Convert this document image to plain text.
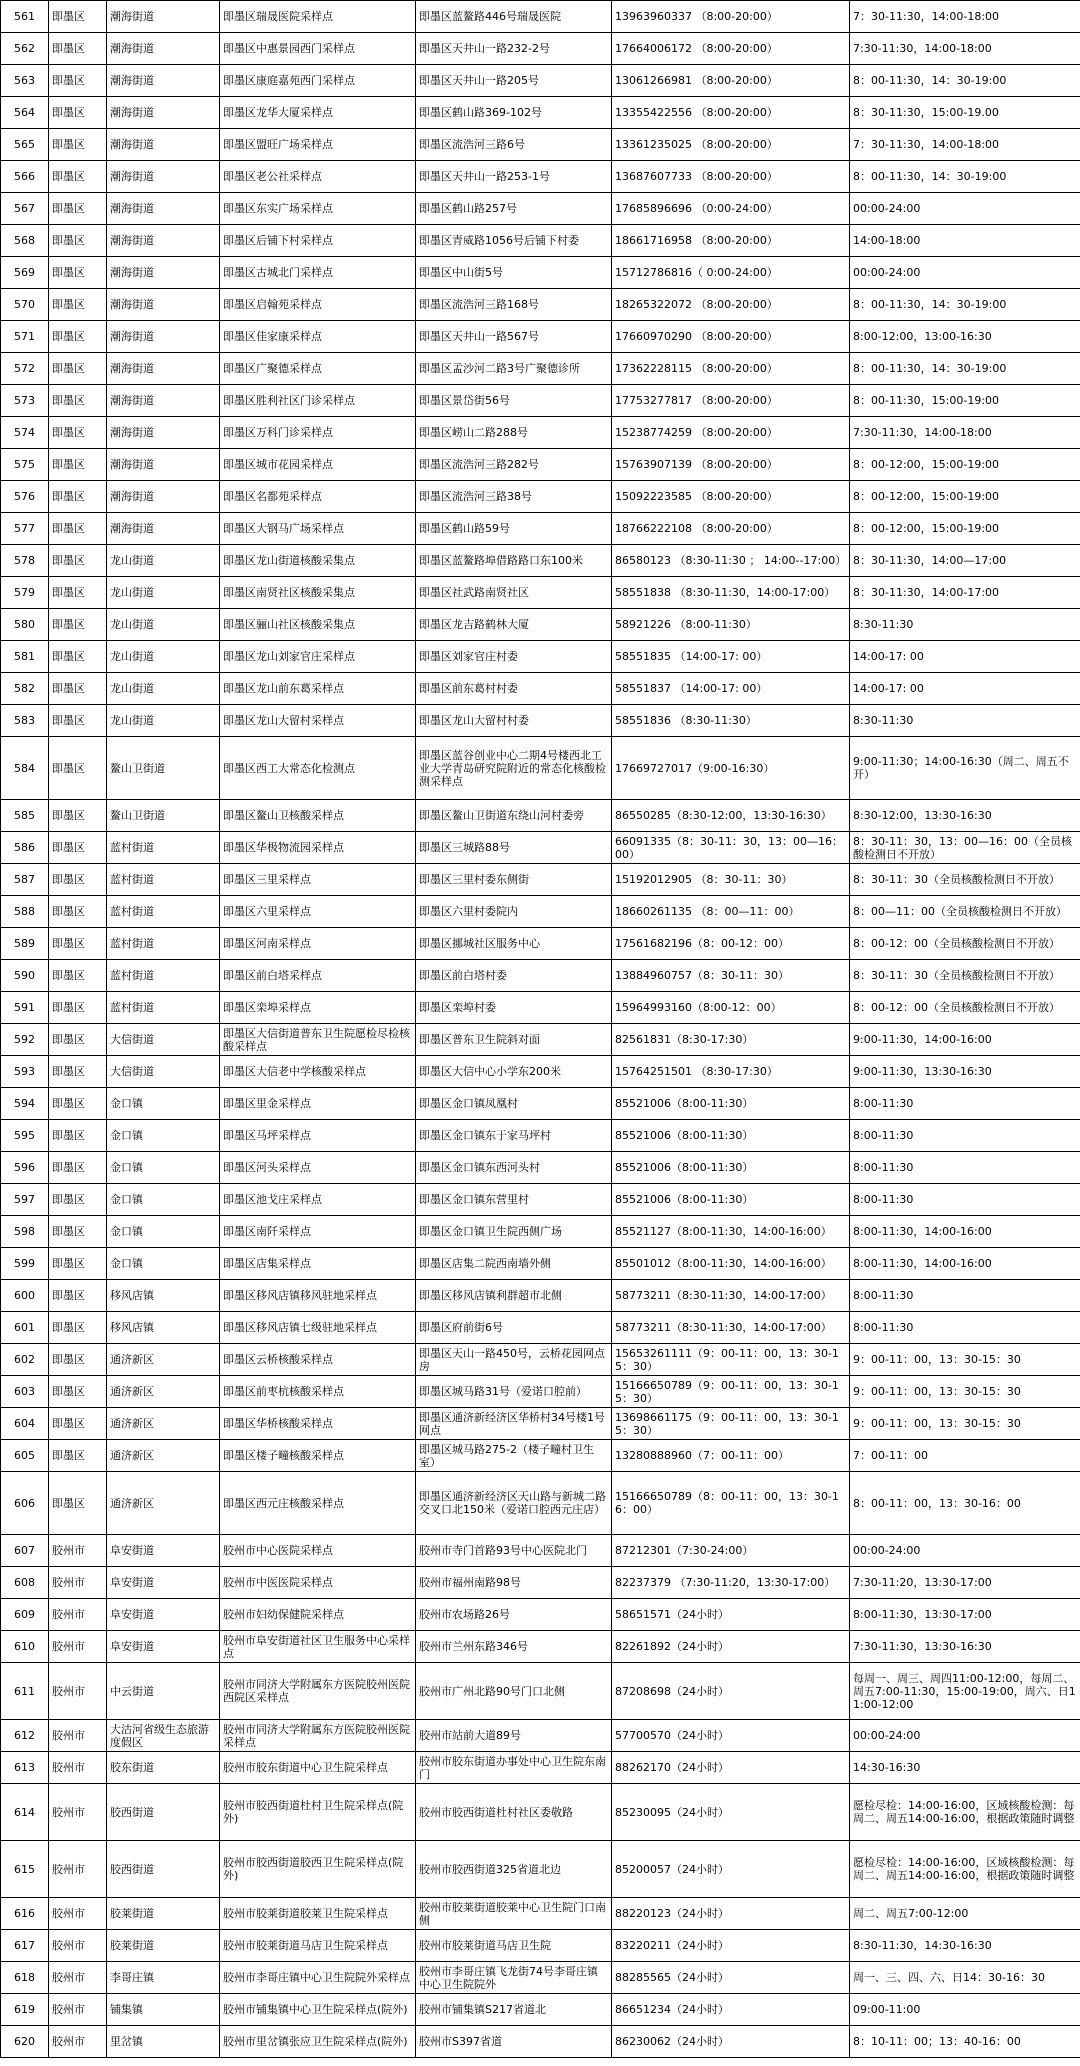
561	即墨区	潮海街道	即墨区瑞晟医院采样点	即墨区蓝鳌路446号瑞晟医院	13963960337 （8:00-20:00）	7：30-11:30，14:00-18:00
562	即墨区	潮海街道	即墨区中惠景园西门采样点	即墨区天井山一路232-2号	17664006172 （8:00-20:00）	7:30-11:30，14:00-18:00
563	即墨区	潮海街道	即墨区康庭嘉苑西门采样点	即墨区天井山一路205号	13061266981 （8:00-20:00）	8：00-11:30，14：30-19:00
564	即墨区	潮海街道	即墨区龙华大厦采样点	即墨区鹤山路369-102号	13355422556 （8:00-20:00）	8：30-11:30，15:00-19.00
565	即墨区	潮海街道	即墨区盟旺广场采样点	即墨区流浩河三路6号	13361235025 （8:00-20:00）	7：30-11:30，14:00-18:00
566	即墨区	潮海街道	即墨区老公社采样点	即墨区天井山一路253-1号	13687607733 （8:00-20:00）	8：00-11:30，14：30-19:00
567	即墨区	潮海街道	即墨区东实广场采样点	即墨区鹤山路257号	17685896696 （0:00-24:00）	00:00-24:00
568	即墨区	潮海街道	即墨区后铺下村采样点	即墨区青威路1056号后铺下村委	18661716958 （8:00-20:00）	14:00-18:00
569	即墨区	潮海街道	即墨区古城北门采样点	即墨区中山街5号	15712786816（ 0:00-24:00）	00:00-24:00
570	即墨区	潮海街道	即墨区启翰苑采样点	即墨区流浩河三路168号	18265322072 （8:00-20:00）	8：00-11:30，14：30-19:00
571	即墨区	潮海街道	即墨区佳家康采样点	即墨区天井山一路567号	17660970290 （8:00-20:00）	8:00-12:00，13:00-16:30
572	即墨区	潮海街道	即墨区广聚德采样点	即墨区孟沙河二路3号广聚德诊所	17362228115 （8:00-20:00）	8：00-11:30，14：30-19:00
573	即墨区	潮海街道	即墨区胜利社区门诊采样点	即墨区景岱街56号	17753277817 （8:00-20:00）	8：00-11:30，15:00-19:00
574	即墨区	潮海街道	即墨区万科门诊采样点	即墨区崂山二路288号	15238774259 （8:00-20:00）	7:30-11:30，14:00-18:00
575	即墨区	潮海街道	即墨区城市花园采样点	即墨区流浩河三路282号	15763907139 （8:00-20:00）	8：00-12:00，15:00-19:00
576	即墨区	潮海街道	即墨区名都苑采样点	即墨区流浩河三路38号	15092223585 （8:00-20:00）	8：00-12:00，15:00-19:00
577	即墨区	潮海街道	即墨区大钢马广场采样点	即墨区鹤山路59号	18766222108 （8:00-20:00）	8：00-12:00，15:00-19:00
578	即墨区	龙山街道	即墨区龙山街道核酸采集点	即墨区蓝鳌路埠借路路口东100米	86580123 （8:30-11:30 ； 14:00--17:00）	8：30-11:30，14:00—17:00
579	即墨区	龙山街道	即墨区南贤社区核酸采集点	即墨区社武路南贤社区	58551838 （8:30-11:30，14:00-17:00）	8：30-11:30，14:00-17:00
580	即墨区	龙山街道	即墨区骊山社区核酸采集点	即墨区龙吉路鹤林大厦	58921226 （8:00-11:30）	8:30-11:30
581	即墨区	龙山街道	即墨区龙山刘家官庄采样点	即墨区刘家官庄村委	58551835 （14:00-17: 00）	14:00-17: 00
582	即墨区	龙山街道	即墨区龙山前东葛采样点	即墨区前东葛村村委	58551837 （14:00-17: 00）	14:00-17: 00
583	即墨区	龙山街道	即墨区龙山大留村采样点	即墨区龙山大留村村委	58551836 （8:30-11:30）	8:30-11:30
584	即墨区	鳌山卫街道	即墨区西工大常态化检测点	即墨区蓝谷创业中心二期4号楼西北工业大学青岛研究院附近的常态化核酸检测采样点	17669727017（9:00-16:30）	9:00-11:30；14:00-16:30（周二、周五不开）
585	即墨区	鳌山卫街道	即墨区鳌山卫核酸采样点	即墨区鳌山卫街道东绕山河村委旁	86550285（8:30-12:00，13:30-16:30）	8:30-12:00，13:30-16:30
586	即墨区	蓝村街道	即墨区华极物流园采样点	即墨区三城路88号	66091335（8：30-11：30，13：00—16：00）	8：30-11：30，13：00—16：00（全员核酸检测日不开放）
587	即墨区	蓝村街道	即墨区三里采样点	即墨区三里村委东侧街	15192012905 （8：30-11：30）	8：30-11：30（全员核酸检测日不开放）
588	即墨区	蓝村街道	即墨区六里采样点	即墨区六里村委院内	18660261135 （8：00—11：00）	8：00—11：00（全员核酸检测日不开放）
589	即墨区	蓝村街道	即墨区河南采样点	即墨区挪城社区服务中心	17561682196（8：00-12：00）	8：00-12：00（全员核酸检测日不开放）
590	即墨区	蓝村街道	即墨区前白塔采样点	即墨区前白塔村委	13884960757（8：30-11：30）	8：30-11：30（全员核酸检测日不开放）
591	即墨区	蓝村街道	即墨区栾埠采样点	即墨区栾埠村委	15964993160（8:00-12：00）	8：00-12：00（全员核酸检测日不开放）
592	即墨区	大信街道	即墨区大信街道普东卫生院愿检尽检核酸采样点	即墨区普东卫生院斜对面	82561831（8:30-17:30）	9:00-11:30，14:00-16:00
593	即墨区	大信街道	即墨区大信老中学核酸采样点	即墨区大信中心小学东200米	15764251501 （8:30-17:30）	9:00-11:30，13:30-16:30
594	即墨区	金口镇	即墨区里金采样点	即墨区金口镇凤凰村	85521006（8:00-11:30）	8:00-11:30
595	即墨区	金口镇	即墨区马坪采样点	即墨区金口镇东于家马坪村	85521006（8:00-11:30）	8:00-11:30
596	即墨区	金口镇	即墨区河头采样点	即墨区金口镇东西河头村	85521006（8:00-11:30）	8:00-11:30
597	即墨区	金口镇	即墨区池戈庄采样点	即墨区金口镇东营里村	85521006（8:00-11:30）	8:00-11:30
598	即墨区	金口镇	即墨区南阡采样点	即墨区金口镇卫生院西侧广场	85521127（8:00-11:30，14:00-16:00）	8:00-11:30，14:00-16:00
599	即墨区	金口镇	即墨区店集采样点	即墨区店集二院西南墙外侧	85501012（8:00-11:30，14:00-16:00）	8:00-11:30，14:00-16:00
600	即墨区	移风店镇	即墨区移风店镇移风驻地采样点	即墨区移风店镇利群超市北侧	58773211（8:30-11:30，14:00-17:00）	8:00-11:30
601	即墨区	移风店镇	即墨区移风店镇七级驻地采样点	即墨区府前街6号	58773211（8:30-11:30，14:00-17:00）	8:00-11:30
602	即墨区	通济新区	即墨区云桥核酸采样点	即墨区天山一路450号，云桥花园网点房	15653261111（9：00-11：00，13：30-15：30）	9：00-11：00，13：30-15：30
603	即墨区	通济新区	即墨区前枣杭核酸采样点	即墨区城马路31号（爱诺口腔前）	15166650789（9：00-11：00，13：30-15：30）	9：00-11：00，13：30-15：30
604	即墨区	通济新区	即墨区华桥核酸采样点	即墨区通济新经济区华桥村34号楼1号网点	13698661175（9：00-11：00，13：30-15：30）	9：00-11：00，13：30-15：30
605	即墨区	通济新区	即墨区楼子疃核酸采样点	即墨区城马路275-2（楼子疃村卫生室）	13280888960（7：00-11：00）	7：00-11：00
606	即墨区	通济新区	即墨区西元庄核酸采样点	即墨区通济新经济区天山路与新城二路交叉口北150米（爱诺口腔西元庄店）	15166650789（8：00-11：00，13：30-16：00）	8：00-11：00，13：30-16：00
607	胶州市	阜安街道	胶州市中心医院采样点	胶州市寺门首路93号中心医院北门	87212301（7:30-24:00）	00:00-24:00
608	胶州市	阜安街道	胶州市中医医院采样点	胶州市福州南路98号	82237379 （7:30-11:20，13:30-17:00）	7:30-11:20，13:30-17:00
609	胶州市	阜安街道	胶州市妇幼保健院采样点	胶州市农场路26号	58651571（24小时）	8:00-11:30，13:30-17:00
610	胶州市	阜安街道	胶州市阜安街道社区卫生服务中心采样点	胶州市兰州东路346号	82261892（24小时）	7:30-11:30，13:30-16:30
611	胶州市	中云街道	胶州市同济大学附属东方医院胶州医院西院区采样点	胶州市广州北路90号门口北侧	87208698（24小时）	每周一、周三、周四11:00-12:00，每周二、周五7:00-11:30，15:00-19:00，周六、日11:00-12:00
612	胶州市	大沽河省级生态旅游度假区	胶州市同济大学附属东方医院胶州医院采样点	胶州市站前大道89号	57700570（24小时）	00:00-24:00
613	胶州市	胶东街道	胶州市胶东街道中心卫生院采样点	胶州市胶东街道办事处中心卫生院东南门	88262170（24小时）	14:30-16:30
614	胶州市	胶西街道	胶州市胶西街道杜村卫生院采样点(院外)	胶州市胶西街道杜村社区委敬路	85230095（24小时）	愿检尽检：14:00-16:00，区域核酸检测：每周二、周五14:00-16:00，根据政策随时调整
615	胶州市	胶西街道	胶州市胶西街道胶西卫生院采样点(院外)	胶州市胶西街道325省道北边	85200057（24小时）	愿检尽检：14:00-16:00，区域核酸检测：每周二、周五14:00-16:00，根据政策随时调整
616	胶州市	胶莱街道	胶州市胶莱街道胶莱卫生院采样点	胶州市胶莱街道胶莱中心卫生院门口南侧	88220123（24小时）	周二、周五7:00-12:00
617	胶州市	胶莱街道	胶州市胶莱街道马店卫生院采样点	胶州市胶莱街道马店卫生院	83220211（24小时）	8:30-11:30，14:30-16:30
618	胶州市	李哥庄镇	胶州市李哥庄镇中心卫生院院外采样点	胶州市李哥庄镇飞龙街74号李哥庄镇中心卫生院院外	88285565（24小时）	周一、三、四、六、日14：30-16：30
619	胶州市	铺集镇	胶州市铺集镇中心卫生院采样点(院外)	胶州市铺集镇S217省道北	86651234（24小时）	09:00-11:00
620	胶州市	里岔镇	胶州市里岔镇张应卫生院采样点(院外)	胶州市S397省道	86230062（24小时）	8：10-11：00；13：40-16：00
